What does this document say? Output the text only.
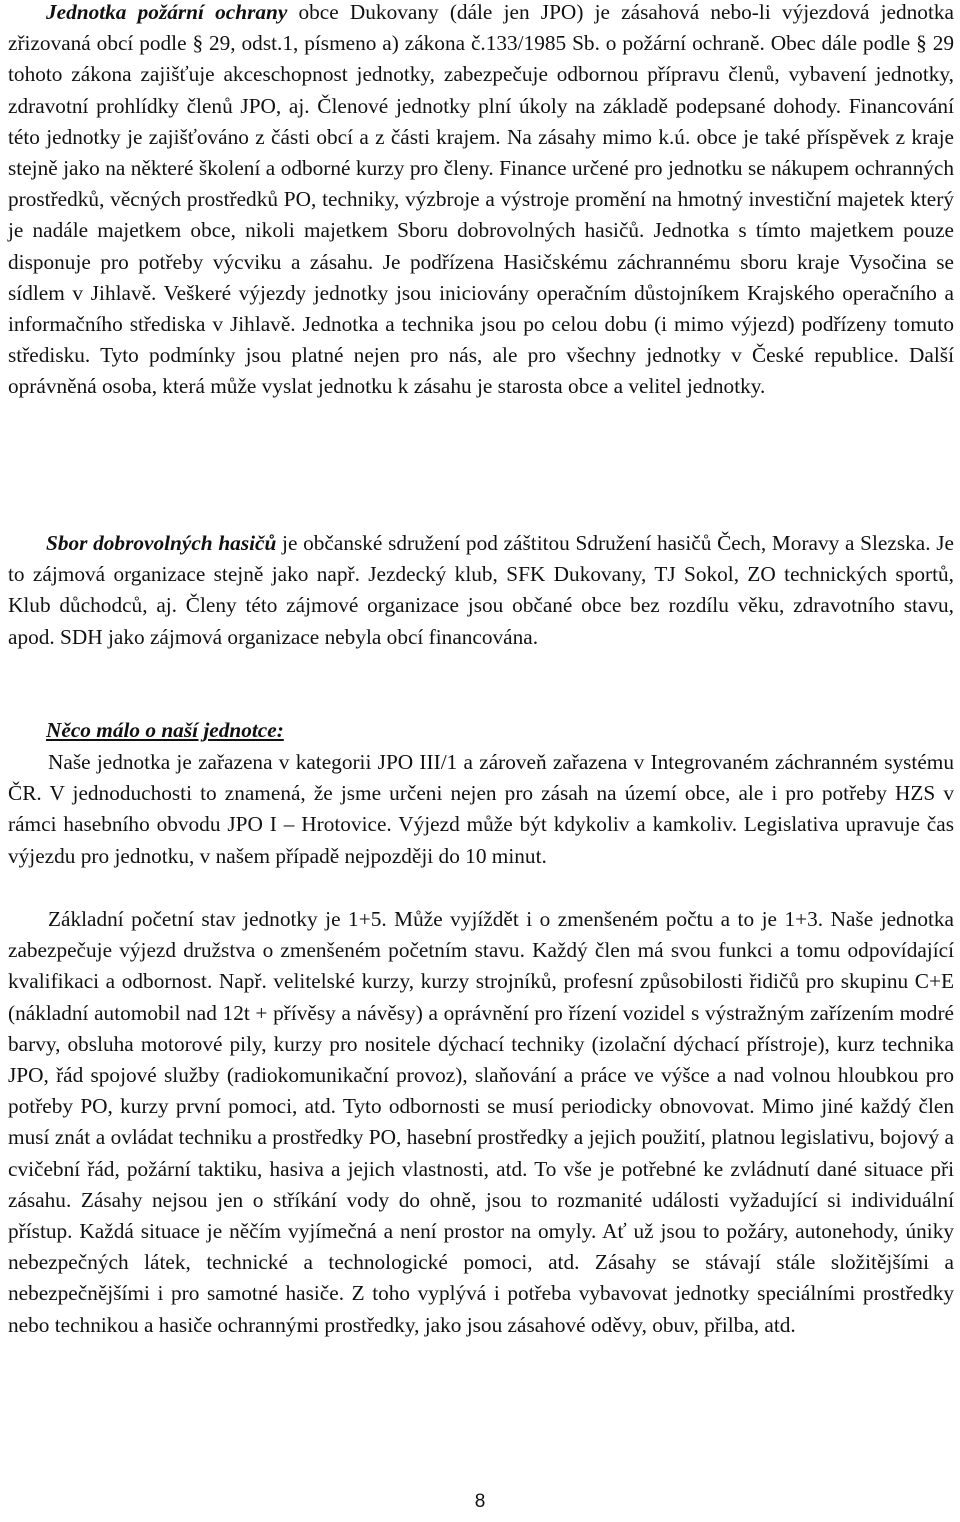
Jednotka požární ochrany obce Dukovany (dále jen JPO) je zásahová nebo-li výjezdová jednotka zřizovaná obcí podle § 29, odst.1, písmeno a) zákona č.133/1985 Sb. o požární ochraně. Obec dále podle § 29 tohoto zákona zajišťuje akceschopnost jednotky, zabezpečuje odbornou přípravu členů, vybavení jednotky, zdravotní prohlídky členů JPO, aj. Členové jednotky plní úkoly na základě podepsané dohody. Financování této jednotky je zajišťováno z části obcí a z části krajem. Na zásahy mimo k.ú. obce je také příspěvek z kraje stejně jako na některé školení a odborné kurzy pro členy. Finance určené pro jednotku se nákupem ochranných prostředků, věcných prostředků PO, techniky, výzbroje a výstroje promění na hmotný investiční majetek který je nadále majetkem obce, nikoli majetkem Sboru dobrovolných hasičů. Jednotka s tímto majetkem pouze disponuje pro potřeby výcviku a zásahu. Je podřízena Hasičskému záchrannému sboru kraje Vysočina se sídlem v Jihlavě. Veškeré výjezdy jednotky jsou iniciovány operačním důstojníkem Krajského operačního a informačního střediska v Jihlavě. Jednotka a technika jsou po celou dobu (i mimo výjezd) podřízeny tomuto středisku. Tyto podmínky jsou platné nejen pro nás, ale pro všechny jednotky v České republice. Další oprávněná osoba, která může vyslat jednotku k zásahu je starosta obce a velitel jednotky.

Sbor dobrovolných hasičů je občanské sdružení pod záštitou Sdružení hasičů Čech, Moravy a Slezska. Je to zájmová organizace stejně jako např. Jezdecký klub, SFK Dukovany, TJ Sokol, ZO technických sportů, Klub důchodců, aj. Členy této zájmové organizace jsou občané obce bez rozdílu věku, zdravotního stavu, apod. SDH jako zájmová organizace nebyla obcí financována.

Něco málo o naší jednotce:

Naše jednotka je zařazena v kategorii JPO III/1 a zároveň zařazena v Integrovaném záchranném systému ČR. V jednoduchosti to znamená, že jsme určeni nejen pro zásah na území obce, ale i pro potřeby HZS v rámci hasebního obvodu JPO I – Hrotovice. Výjezd může být kdykoliv a kamkoliv. Legislativa upravuje čas výjezdu pro jednotku, v našem případě nejpozději do 10 minut.

Základní početní stav jednotky je 1+5. Může vyjíždět i o zmenšeném počtu a to je 1+3. Naše jednotka zabezpečuje výjezd družstva o zmenšeném početním stavu. Každý člen má svou funkci a tomu odpovídající kvalifikaci a odbornost. Např. velitelské kurzy, kurzy strojníků, profesní způsobilosti řidičů pro skupinu C+E (nákladní automobil nad 12t + přívěsy a návěsy) a oprávnění pro řízení vozidel s výstražným zařízením modré barvy, obsluha motorové pily, kurzy pro nositele dýchací techniky (izolační dýchací přístroje), kurz technika JPO, řád spojové služby (radiokomunikační provoz), slaňování a práce ve výšce a nad volnou hloubkou pro potřeby PO, kurzy první pomoci, atd. Tyto odbornosti se musí periodicky obnovovat. Mimo jiné každý člen musí znát a ovládat techniku a prostředky PO, hasební prostředky a jejich použití, platnou legislativu, bojový a cvičební řád, požární taktiku, hasiva a jejich vlastnosti, atd. To vše je potřebné ke zvládnutí dané situace při zásahu. Zásahy nejsou jen o stříkání vody do ohně, jsou to rozmanité události vyžadující si individuální přístup. Každá situace je něčím vyjímečná a není prostor na omyly. Ať už jsou to požáry, autonehody, úniky nebezpečných látek, technické a technologické pomoci, atd. Zásahy se stávají stále složitějšími a nebezpečnějšími i pro samotné hasiče. Z toho vyplývá i potřeba vybavovat jednotky speciálními prostředky nebo technikou a hasiče ochrannými prostředky, jako jsou zásahové oděvy, obuv, přilba, atd.

8
